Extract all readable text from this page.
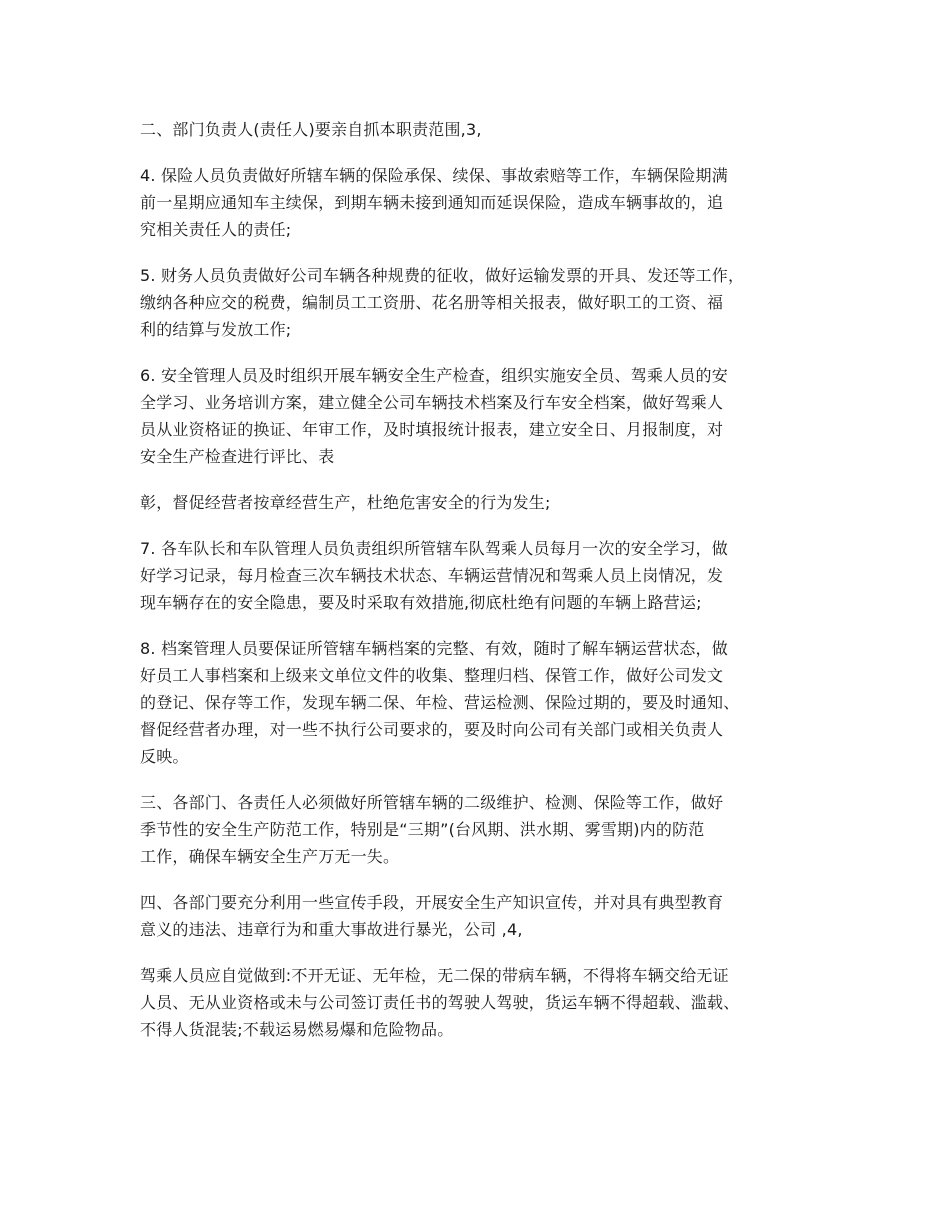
二、部门负责人(责任人)要亲自抓本职责范围,3,
4. 保险人员负责做好所辖车辆的保险承保、续保、事故索赔等工作，车辆保险期满
前一星期应通知车主续保，到期车辆未接到通知而延误保险，造成车辆事故的，追
究相关责任人的责任;
5. 财务人员负责做好公司车辆各种规费的征收，做好运输发票的开具、发还等工作，
缴纳各种应交的税费，编制员工工资册、花名册等相关报表，做好职工的工资、福
利的结算与发放工作;
6. 安全管理人员及时组织开展车辆安全生产检查，组织实施安全员、驾乘人员的安
全学习、业务培训方案，建立健全公司车辆技术档案及行车安全档案，做好驾乘人
员从业资格证的换证、年审工作，及时填报统计报表，建立安全日、月报制度，对
安全生产检查进行评比、表
彰，督促经营者按章经营生产，杜绝危害安全的行为发生;
7. 各车队长和车队管理人员负责组织所管辖车队驾乘人员每月一次的安全学习，做
好学习记录，每月检查三次车辆技术状态、车辆运营情况和驾乘人员上岗情况，发
现车辆存在的安全隐患，要及时采取有效措施,彻底杜绝有问题的车辆上路营运;
8. 档案管理人员要保证所管辖车辆档案的完整、有效，随时了解车辆运营状态，做
好员工人事档案和上级来文单位文件的收集、整理归档、保管工作，做好公司发文
的登记、保存等工作，发现车辆二保、年检、营运检测、保险过期的，要及时通知、
督促经营者办理，对一些不执行公司要求的，要及时向公司有关部门或相关负责人
反映。
三、各部门、各责任人必须做好所管辖车辆的二级维护、检测、保险等工作，做好
季节性的安全生产防范工作，特别是“三期”(台风期、洪水期、雾雪期)内的防范
工作，确保车辆安全生产万无一失。
四、各部门要充分利用一些宣传手段，开展安全生产知识宣传，并对具有典型教育
意义的违法、违章行为和重大事故进行暴光，公司 ,4,
驾乘人员应自觉做到:不开无证、无年检，无二保的带病车辆，不得将车辆交给无证
人员、无从业资格或未与公司签订责任书的驾驶人驾驶，货运车辆不得超载、滥载、
不得人货混装;不载运易燃易爆和危险物品。
